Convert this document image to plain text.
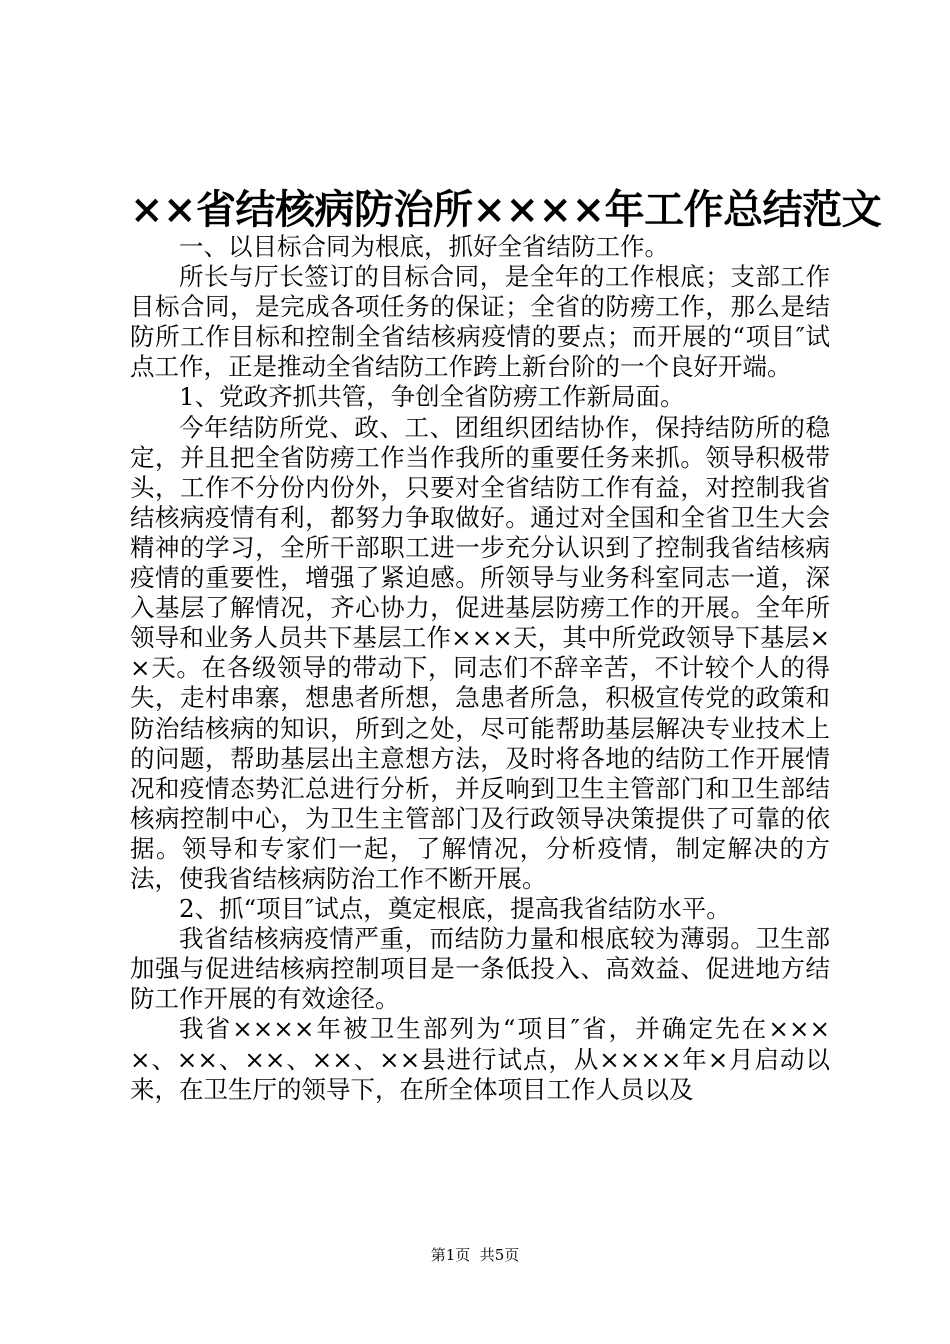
××省结核病防治所××××年工作总结范文

一、以目标合同为根底，抓好全省结防工作。

所长与厅长签订的目标合同，是全年的工作根底；支部工作目标合同，是完成各项任务的保证；全省的防痨工作，那么是结防所工作目标和控制全省结核病疫情的要点；而开展的“项目″试点工作，正是推动全省结防工作跨上新台阶的一个良好开端。

1、党政齐抓共管，争创全省防痨工作新局面。

今年结防所党、政、工、团组织团结协作，保持结防所的稳定，并且把全省防痨工作当作我所的重要任务来抓。领导积极带头，工作不分份内份外，只要对全省结防工作有益，对控制我省结核病疫情有利，都努力争取做好。通过对全国和全省卫生大会精神的学习，全所干部职工进一步充分认识到了控制我省结核病疫情的重要性，增强了紧迫感。所领导与业务科室同志一道，深入基层了解情况，齐心协力，促进基层防痨工作的开展。全年所领导和业务人员共下基层工作×××天，其中所党政领导下基层××天。在各级领导的带动下，同志们不辞辛苦，不计较个人的得失，走村串寨，想患者所想，急患者所急，积极宣传党的政策和防治结核病的知识，所到之处，尽可能帮助基层解决专业技术上的问题，帮助基层出主意想方法，及时将各地的结防工作开展情况和疫情态势汇总进行分析，并反响到卫生主管部门和卫生部结核病控制中心，为卫生主管部门及行政领导决策提供了可靠的依据。领导和专家们一起，了解情况，分析疫情，制定解决的方法，使我省结核病防治工作不断开展。

2、抓“项目″试点，奠定根底，提高我省结防水平。

我省结核病疫情严重，而结防力量和根底较为薄弱。卫生部加强与促进结核病控制项目是一条低投入、高效益、促进地方结防工作开展的有效途径。

我省××××年被卫生部列为“项目″省，并确定先在××××、××、××、××、××县进行试点，从××××年×月启动以来，在卫生厅的领导下，在所全体项目工作人员以及

第1页  共5页
